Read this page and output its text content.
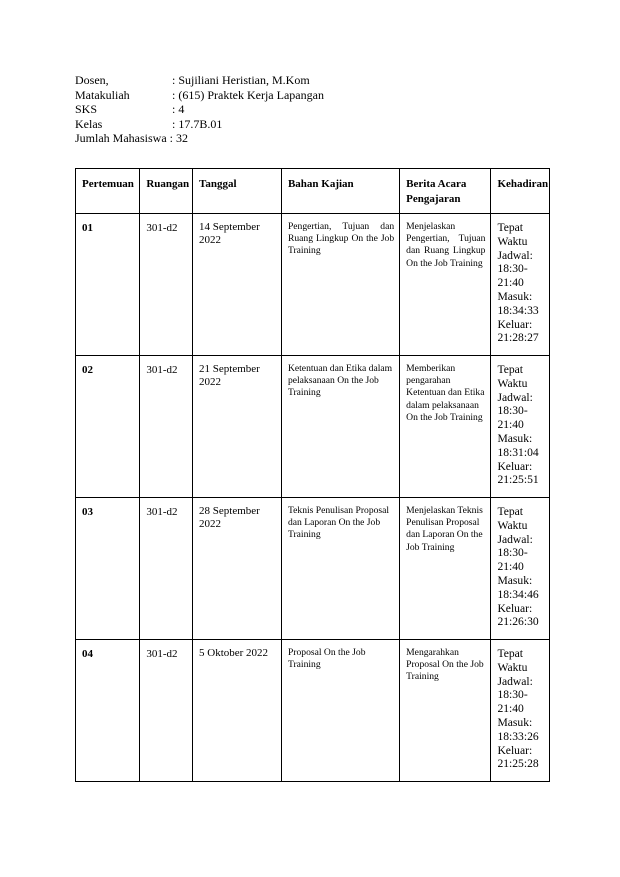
Dosen,	: Sujiliani Heristian, M.Kom
Matakuliah	: (615) Praktek Kerja Lapangan
SKS	: 4
Kelas	: 17.7B.01
Jumlah Mahasiswa : 32
Pertemuan	Ruangan	Tanggal	Bahan Kajian	Berita Acara Pengajaran	Kehadiran
01	301-d2	14 September 2022	Pengertian, Tujuan dan Ruang Lingkup On the Job Training	Menjelaskan Pengertian, Tujuan dan Ruang Lingkup On the Job Training	Tepat Waktu
Jadwal: 18:30-21:40
Masuk: 18:34:33
Keluar: 21:28:27

02	301-d2	21 September 2022	Ketentuan dan Etika dalam pelaksanaan On the Job Training	Memberikan pengarahan Ketentuan dan Etika dalam pelaksanaan On the Job Training	Tepat Waktu
Jadwal: 18:30-21:40
Masuk: 18:31:04
Keluar: 21:25:51

03	301-d2	28 September 2022	Teknis Penulisan Proposal dan Laporan On the Job Training	Menjelaskan Teknis Penulisan Proposal dan Laporan On the Job Training	Tepat Waktu
Jadwal: 18:30-21:40
Masuk: 18:34:46
Keluar: 21:26:30

04	301-d2	5 Oktober 2022	Proposal On the Job Training	Mengarahkan Proposal On the Job Training	Tepat Waktu
Jadwal: 18:30-21:40
Masuk: 18:33:26
Keluar: 21:25:28
